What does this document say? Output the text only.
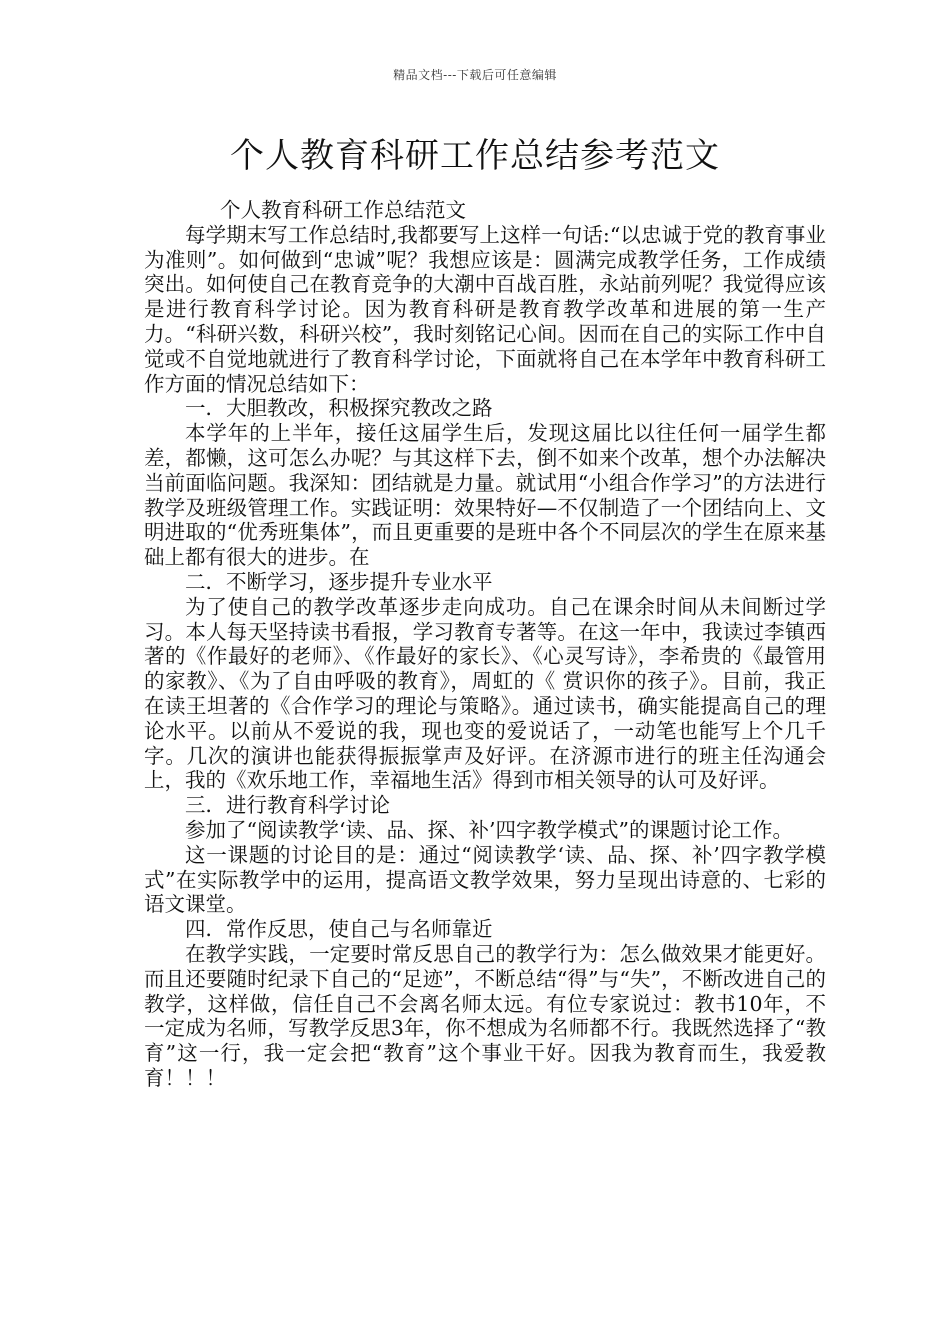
精品文档---下载后可任意编辑
个人教育科研工作总结参考范文

个人教育科研工作总结范文

每学期末写工作总结时,我都要写上这样一句话:“以忠诚于党的教育事业为准则”。如何做到“忠诚”呢？我想应该是：圆满完成教学任务，工作成绩突出。如何使自己在教育竞争的大潮中百战百胜，永站前列呢？我觉得应该是进行教育科学讨论。因为教育科研是教育教学改革和进展的第一生产力。“科研兴数，科研兴校”，我时刻铭记心间。因而在自己的实际工作中自觉或不自觉地就进行了教育科学讨论，下面就将自己在本学年中教育科研工作方面的情况总结如下：

一．大胆教改，积极探究教改之路

本学年的上半年，接任这届学生后，发现这届比以往任何一届学生都差，都懒，这可怎么办呢？与其这样下去，倒不如来个改革，想个办法解决当前面临问题。我深知：团结就是力量。就试用“小组合作学习”的方法进行教学及班级管理工作。实践证明：效果特好—不仅制造了一个团结向上、文明进取的“优秀班集体”，而且更重要的是班中各个不同层次的学生在原来基础上都有很大的进步。在

二．不断学习，逐步提升专业水平

为了使自己的教学改革逐步走向成功。自己在课余时间从未间断过学习。本人每天坚持读书看报，学习教育专著等。在这一年中，我读过李镇西著的《作最好的老师》、《作最好的家长》、《心灵写诗》，李希贵的《最管用的家教》、《为了自由呼吸的教育》，周虹的《 赏识你的孩子》。目前，我正在读王坦著的《合作学习的理论与策略》。通过读书，确实能提高自己的理论水平。以前从不爱说的我，现也变的爱说话了，一动笔也能写上个几千字。几次的演讲也能获得振振掌声及好评。在济源市进行的班主任沟通会上，我的《欢乐地工作，幸福地生活》得到市相关领导的认可及好评。

三．进行教育科学讨论

参加了“阅读教学‘读、品、探、补’四字教学模式”的课题讨论工作。

这一课题的讨论目的是：通过“阅读教学‘读、品、探、补’四字教学模式”在实际教学中的运用，提高语文教学效果，努力呈现出诗意的、七彩的语文课堂。

四．常作反思，使自己与名师靠近

在教学实践，一定要时常反思自己的教学行为：怎么做效果才能更好。而且还要随时纪录下自己的“足迹”，不断总结“得”与“失”，不断改进自己的教学，这样做，信任自己不会离名师太远。有位专家说过：教书10年，不一定成为名师，写教学反思3年，你不想成为名师都不行。我既然选择了“教育”这一行，我一定会把“教育”这个事业干好。因我为教育而生，我爱教育！！！
